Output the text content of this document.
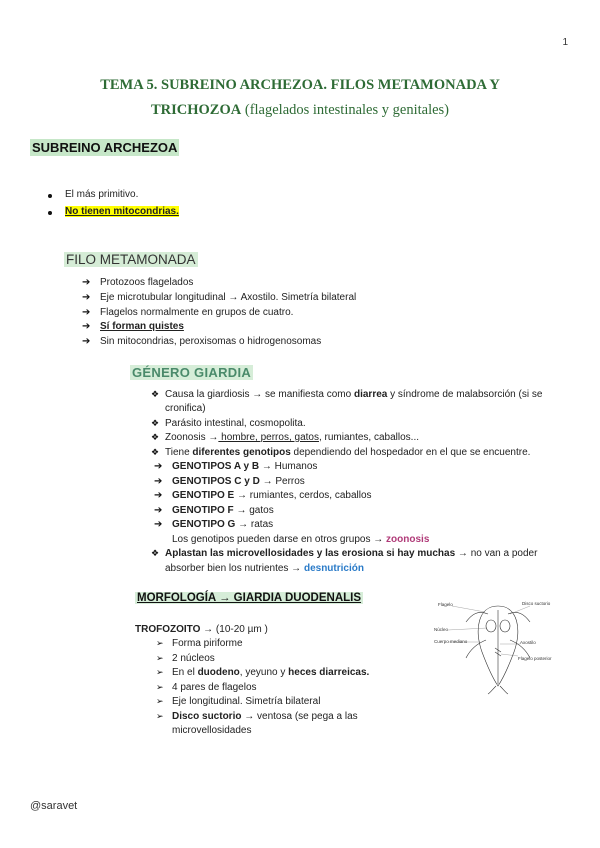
1
TEMA 5. SUBREINO ARCHEZOA. FILOS METAMONADA Y
TRICHOZOA (flagelados intestinales y genitales)
SUBREINO ARCHEZOA
El más primitivo.
No tienen mitocondrias.
FILO METAMONADA
➔ Protozoos flagelados
➔ Eje microtubular longitudinal → Axostilo. Simetría bilateral
➔ Flagelos normalmente en grupos de cuatro.
➔ Sí forman quistes
➔ Sin mitocondrias, peroxisomas o hidrogenosomas
GÉNERO GIARDIA
❖ Causa la giardiosis → se manifiesta como diarrea y síndrome de malabsorción (si se
cronifica)
❖ Parásito intestinal, cosmopolita.
❖ Zoonosis → hombre, perros, gatos, rumiantes, caballos...
❖ Tiene diferentes genotipos dependiendo del hospedador en el que se encuentre.
➔ GENOTIPOS A y B → Humanos
➔ GENOTIPOS C y D → Perros
➔ GENOTIPO E → rumiantes, cerdos, caballos
➔ GENOTIPO F → gatos
➔ GENOTIPO G → ratas
Los genotipos pueden darse en otros grupos → zoonosis
❖ Aplastan las microvellosidades y las erosiona si hay muchas → no van a poder
absorber bien los nutrientes → desnutrición
MORFOLOGÍA → GIARDIA DUODENALIS
TROFOZOITO → (10-20 µm )
➢ Forma piriforme
➢ 2 núcleos
➢ En el duodeno, yeyuno y heces diarreicas.
➢ 4 pares de flagelos
➢ Eje longitudinal. Simetría bilateral
➢ Disco suctorio → ventosa (se pega a las
microvellosidades
Flagelo	Disco suctorio
Núcleo
Axostilo
Cuerpo mediano
Flagelo posterior
@saravet
